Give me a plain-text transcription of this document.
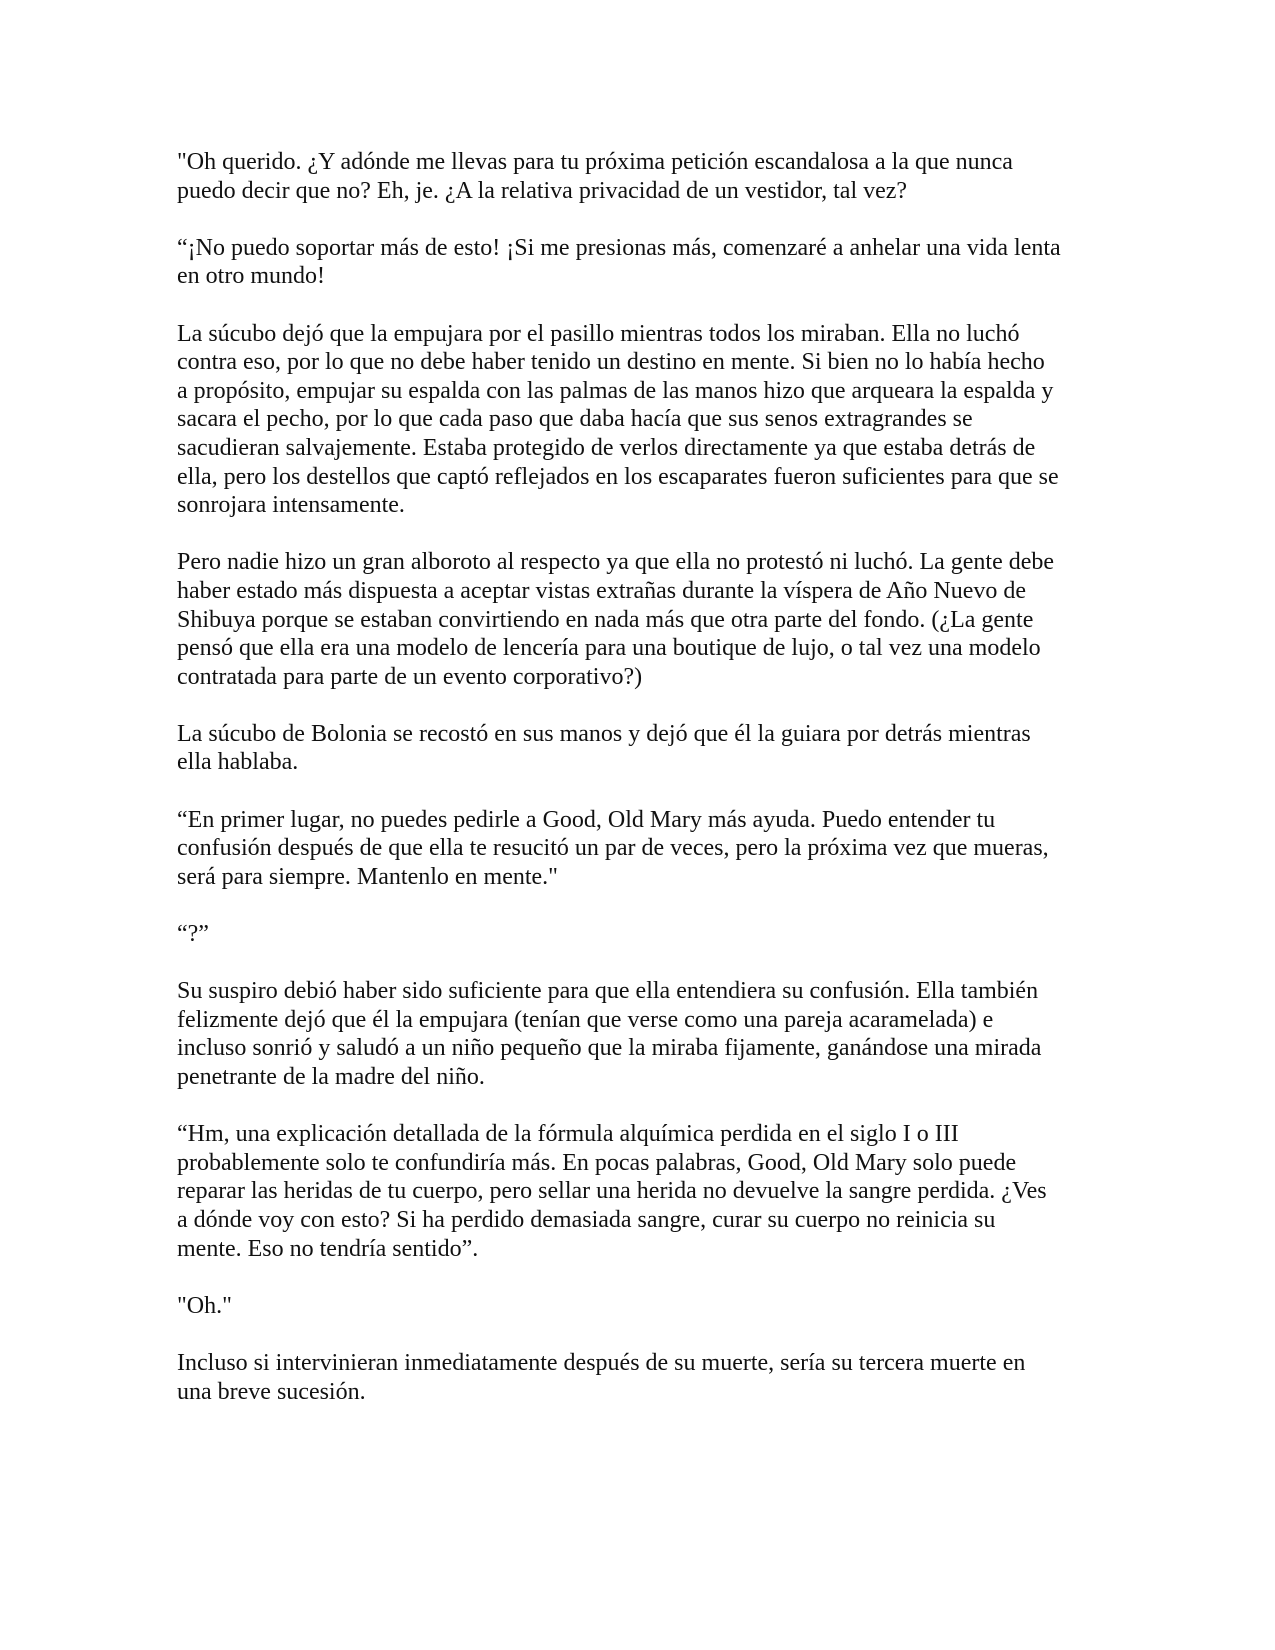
"Oh querido. ¿Y adónde me llevas para tu próxima petición escandalosa a la que nunca
puedo decir que no? Eh, je. ¿A la relativa privacidad de un vestidor, tal vez?

“¡No puedo soportar más de esto! ¡Si me presionas más, comenzaré a anhelar una vida lenta
en otro mundo!

La súcubo dejó que la empujara por el pasillo mientras todos los miraban. Ella no luchó
contra eso, por lo que no debe haber tenido un destino en mente. Si bien no lo había hecho
a propósito, empujar su espalda con las palmas de las manos hizo que arqueara la espalda y
sacara el pecho, por lo que cada paso que daba hacía que sus senos extragrandes se
sacudieran salvajemente. Estaba protegido de verlos directamente ya que estaba detrás de
ella, pero los destellos que captó reflejados en los escaparates fueron suficientes para que se
sonrojara intensamente.

Pero nadie hizo un gran alboroto al respecto ya que ella no protestó ni luchó. La gente debe
haber estado más dispuesta a aceptar vistas extrañas durante la víspera de Año Nuevo de
Shibuya porque se estaban convirtiendo en nada más que otra parte del fondo. (¿La gente
pensó que ella era una modelo de lencería para una boutique de lujo, o tal vez una modelo
contratada para parte de un evento corporativo?)

La súcubo de Bolonia se recostó en sus manos y dejó que él la guiara por detrás mientras
ella hablaba.

“En primer lugar, no puedes pedirle a Good, Old Mary más ayuda. Puedo entender tu
confusión después de que ella te resucitó un par de veces, pero la próxima vez que mueras,
será para siempre. Mantenlo en mente."

“?”

Su suspiro debió haber sido suficiente para que ella entendiera su confusión. Ella también
felizmente dejó que él la empujara (tenían que verse como una pareja acaramelada) e
incluso sonrió y saludó a un niño pequeño que la miraba fijamente, ganándose una mirada
penetrante de la madre del niño.

“Hm, una explicación detallada de la fórmula alquímica perdida en el siglo I o III
probablemente solo te confundiría más. En pocas palabras, Good, Old Mary solo puede
reparar las heridas de tu cuerpo, pero sellar una herida no devuelve la sangre perdida. ¿Ves
a dónde voy con esto? Si ha perdido demasiada sangre, curar su cuerpo no reinicia su
mente. Eso no tendría sentido”.

"Oh."

Incluso si intervinieran inmediatamente después de su muerte, sería su tercera muerte en
una breve sucesión.
